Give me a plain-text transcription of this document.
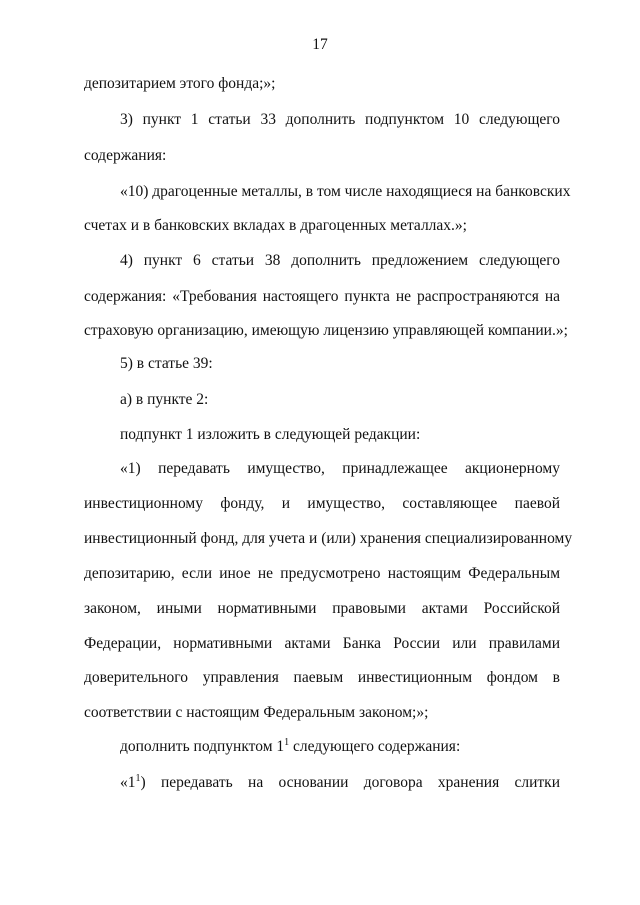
17
депозитарием этого фонда;»;
3) пункт 1 статьи 33 дополнить подпунктом 10 следующего
содержания:
«10) драгоценные металлы, в том числе находящиеся на банковских
счетах и в банковских вкладах в драгоценных металлах.»;
4) пункт 6 статьи 38 дополнить предложением следующего
содержания: «Требования настоящего пункта не распространяются на
страховую организацию, имеющую лицензию управляющей компании.»;
5) в статье 39:
а) в пункте 2:
подпункт 1 изложить в следующей редакции:
«1) передавать имущество, принадлежащее акционерному
инвестиционному фонду, и имущество, составляющее паевой
инвестиционный фонд, для учета и (или) хранения специализированному
депозитарию, если иное не предусмотрено настоящим Федеральным
законом, иными нормативными правовыми актами Российской
Федерации, нормативными актами Банка России или правилами
доверительного управления паевым инвестиционным фондом в
соответствии с настоящим Федеральным законом;»;
дополнить подпунктом $1^1$ следующего содержания:
«$1^1$) передавать на основании договора хранения слитки
